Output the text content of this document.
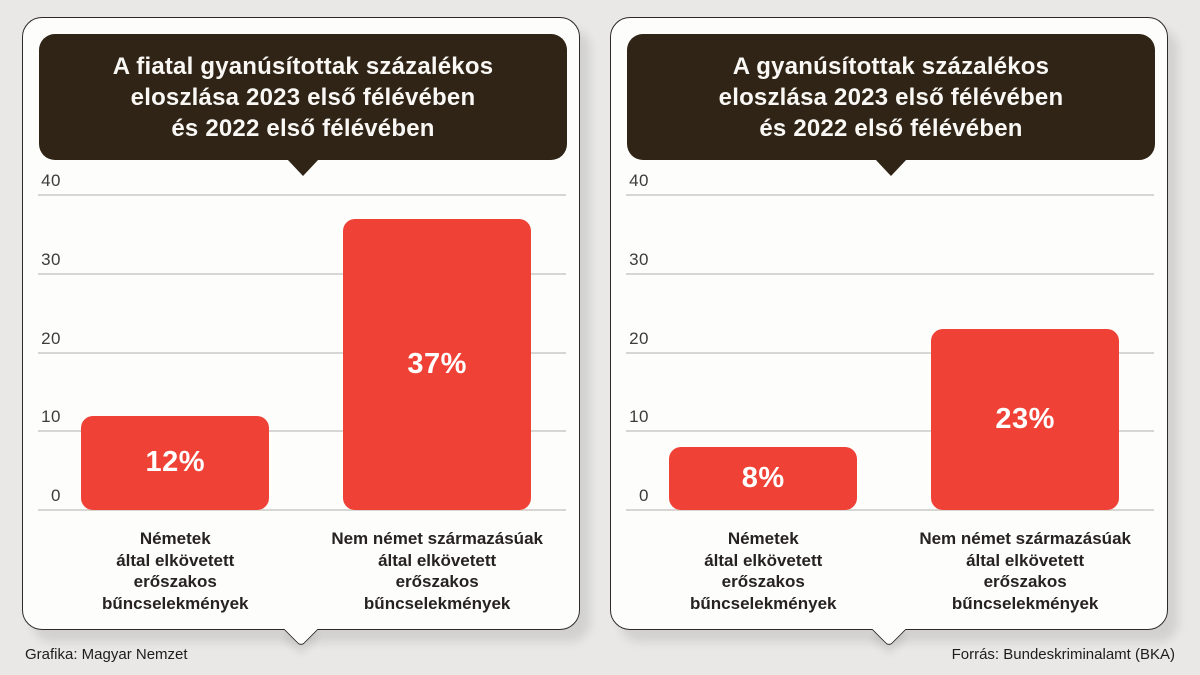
A fiatal gyanúsítottak százalékos
eloszlása 2023 első félévében
és 2022 első félévében
40
30
20
10
0
12%
37%
Németek
által elkövetett
erőszakos
bűncselekmények
Nem német származásúak
által elkövetett
erőszakos
bűncselekmények
A gyanúsítottak százalékos
eloszlása 2023 első félévében
és 2022 első félévében
40
30
20
10
0
8%
23%
Németek
által elkövetett
erőszakos
bűncselekmények
Nem német származásúak
által elkövetett
erőszakos
bűncselekmények
Grafika: Magyar Nemzet	Forrás: Bundeskriminalamt (BKA)
